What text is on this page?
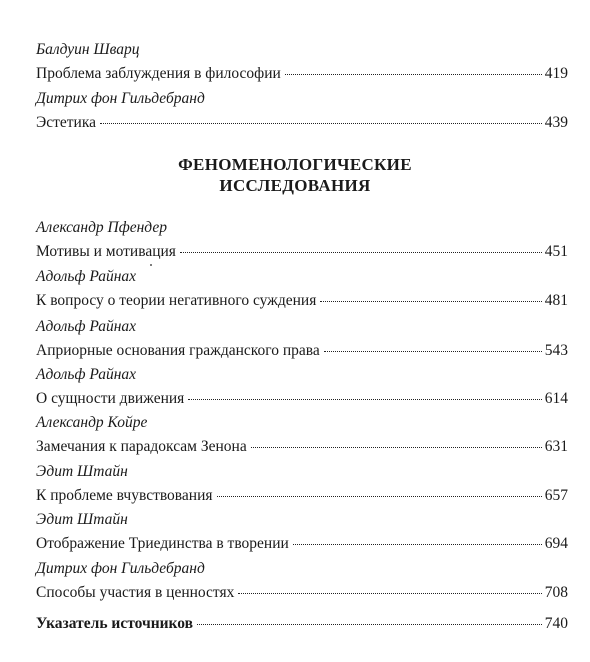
Балдуин Шварц
Проблема заблуждения в философии	419
Дитрих фон Гильдебранд
Эстетика	439
ФЕНОМЕНОЛОГИЧЕСКИЕ
ИССЛЕДОВАНИЯ
Александр Пфендер
Мотивы и мотивация	451
Адольф Райнах
К вопросу о теории негативного суждения	481
Адольф Райнах
Априорные основания гражданского права	543
Адольф Райнах
О сущности движения	614
Александр Койре
Замечания к парадоксам Зенона	631
Эдит Штайн
К проблеме вчувствования	657
Эдит Штайн
Отображение Триединства в творении	694
Дитрих фон Гильдебранд
Способы участия в ценностях	708
Указатель источников	740
